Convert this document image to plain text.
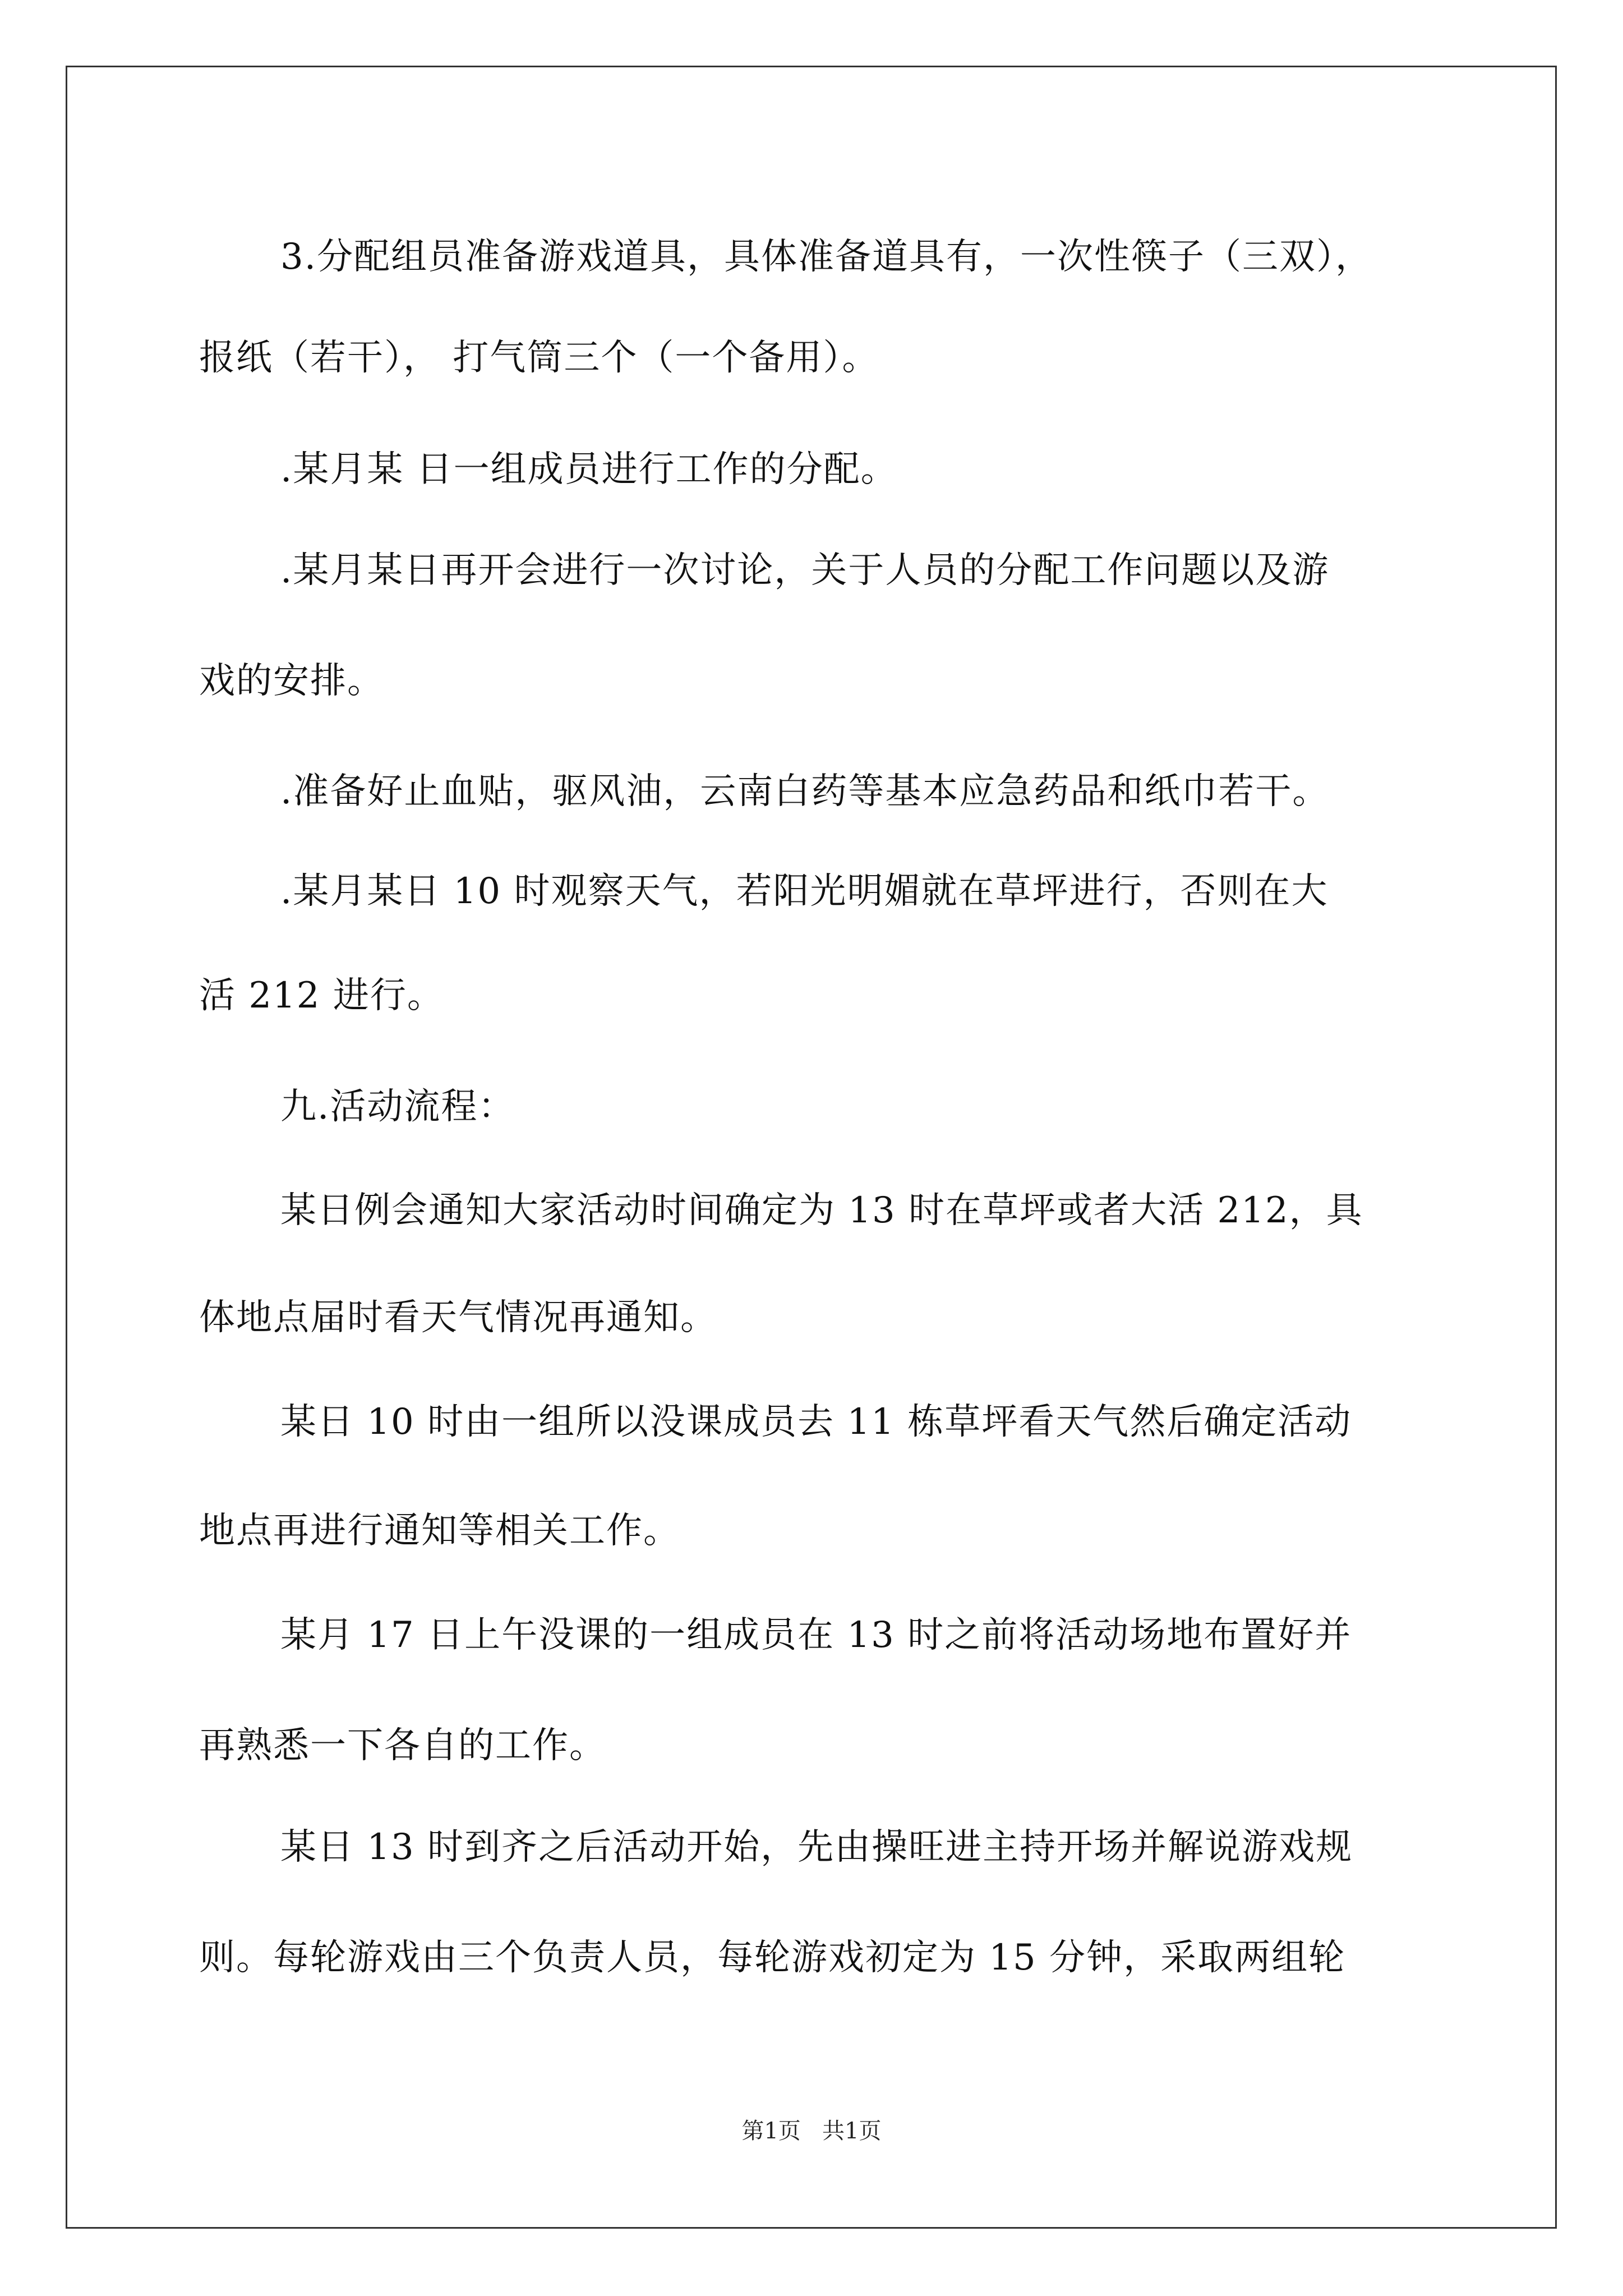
3.分配组员准备游戏道具，具体准备道具有，一次性筷子（三双），
报纸（若干）， 打气筒三个（一个备用）。
.某月某 日一组成员进行工作的分配。
.某月某日再开会进行一次讨论，关于人员的分配工作问题以及游
戏的安排。
.准备好止血贴，驱风油，云南白药等基本应急药品和纸巾若干。
.某月某日 10 时观察天气，若阳光明媚就在草坪进行，否则在大
活 212 进行。
九.活动流程：
某日例会通知大家活动时间确定为 13 时在草坪或者大活 212，具
体地点届时看天气情况再通知。
某日 10 时由一组所以没课成员去 11 栋草坪看天气然后确定活动
地点再进行通知等相关工作。
某月 17 日上午没课的一组成员在 13 时之前将活动场地布置好并
再熟悉一下各自的工作。
某日 13 时到齐之后活动开始，先由操旺进主持开场并解说游戏规
则。每轮游戏由三个负责人员，每轮游戏初定为 15 分钟，采取两组轮
第1页   共1页
